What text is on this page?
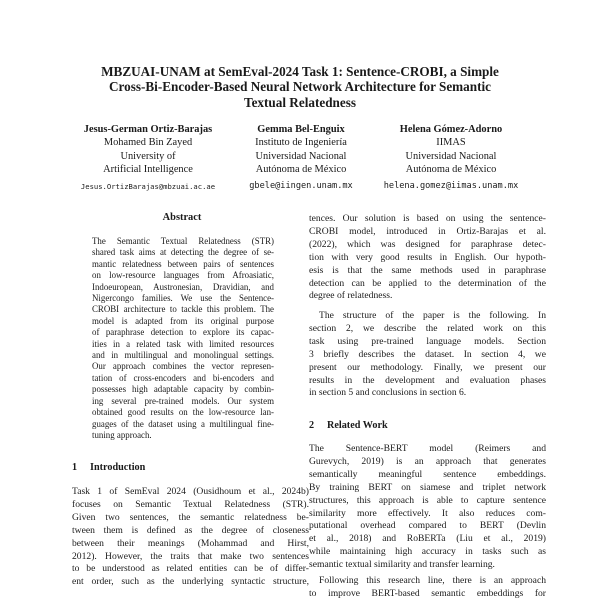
MBZUAI-UNAM at SemEval-2024 Task 1: Sentence-CROBI, a Simple
Cross-Bi-Encoder-Based Neural Network Architecture for Semantic
Textual Relatedness
Jesus-German Ortiz-Barajas
Mohamed Bin Zayed
University of
Artificial Intelligence
Jesus.OrtizBarajas@mbzuai.ac.ae
Gemma Bel-Enguix
Instituto de Ingeniería
Universidad Nacional
Autónoma de México
gbele@iingen.unam.mx
Helena Gómez-Adorno
IIMAS
Universidad Nacional
Autónoma de México
helena.gomez@iimas.unam.mx
Abstract
The Semantic Textual Relatedness (STR)
shared task aims at detecting the degree of se-
mantic relatedness between pairs of sentences
on low-resource languages from Afroasiatic,
Indoeuropean, Austronesian, Dravidian, and
Nigercongo families. We use the Sentence-
CROBI architecture to tackle this problem. The
model is adapted from its original purpose
of paraphrase detection to explore its capac-
ities in a related task with limited resources
and in multilingual and monolingual settings.
Our approach combines the vector represen-
tation of cross-encoders and bi-encoders and
possesses high adaptable capacity by combin-
ing several pre-trained models. Our system
obtained good results on the low-resource lan-
guages of the dataset using a multilingual fine-
tuning approach.
1 Introduction
Task 1 of SemEval 2024 (Ousidhoum et al., 2024b)
focuses on Semantic Textual Relatedness (STR).
Given two sentences, the semantic relatedness be-
tween them is defined as the degree of closeness
between their meanings (Mohammad and Hirst,
2012). However, the traits that make two sentences
to be understood as related entities can be of differ-
ent order, such as the underlying syntactic structure,
tences. Our solution is based on using the sentence-
CROBI model, introduced in Ortiz-Barajas et al.
(2022), which was designed for paraphrase detec-
tion with very good results in English. Our hypoth-
esis is that the same methods used in paraphrase
detection can be applied to the determination of the
degree of relatedness.
The structure of the paper is the following. In
section 2, we describe the related work on this
task using pre-trained language models. Section
3 briefly describes the dataset. In section 4, we
present our methodology. Finally, we present our
results in the development and evaluation phases
in section 5 and conclusions in section 6.
2 Related Work
The Sentence-BERT model (Reimers and
Gurevych, 2019) is an approach that generates
semantically meaningful sentence embeddings.
By training BERT on siamese and triplet network
structures, this approach is able to capture sentence
similarity more effectively. It also reduces com-
putational overhead compared to BERT (Devlin
et al., 2018) and RoBERTa (Liu et al., 2019)
while maintaining high accuracy in tasks such as
semantic textual similarity and transfer learning.
Following this research line, there is an approach
to improve BERT-based semantic embeddings for
